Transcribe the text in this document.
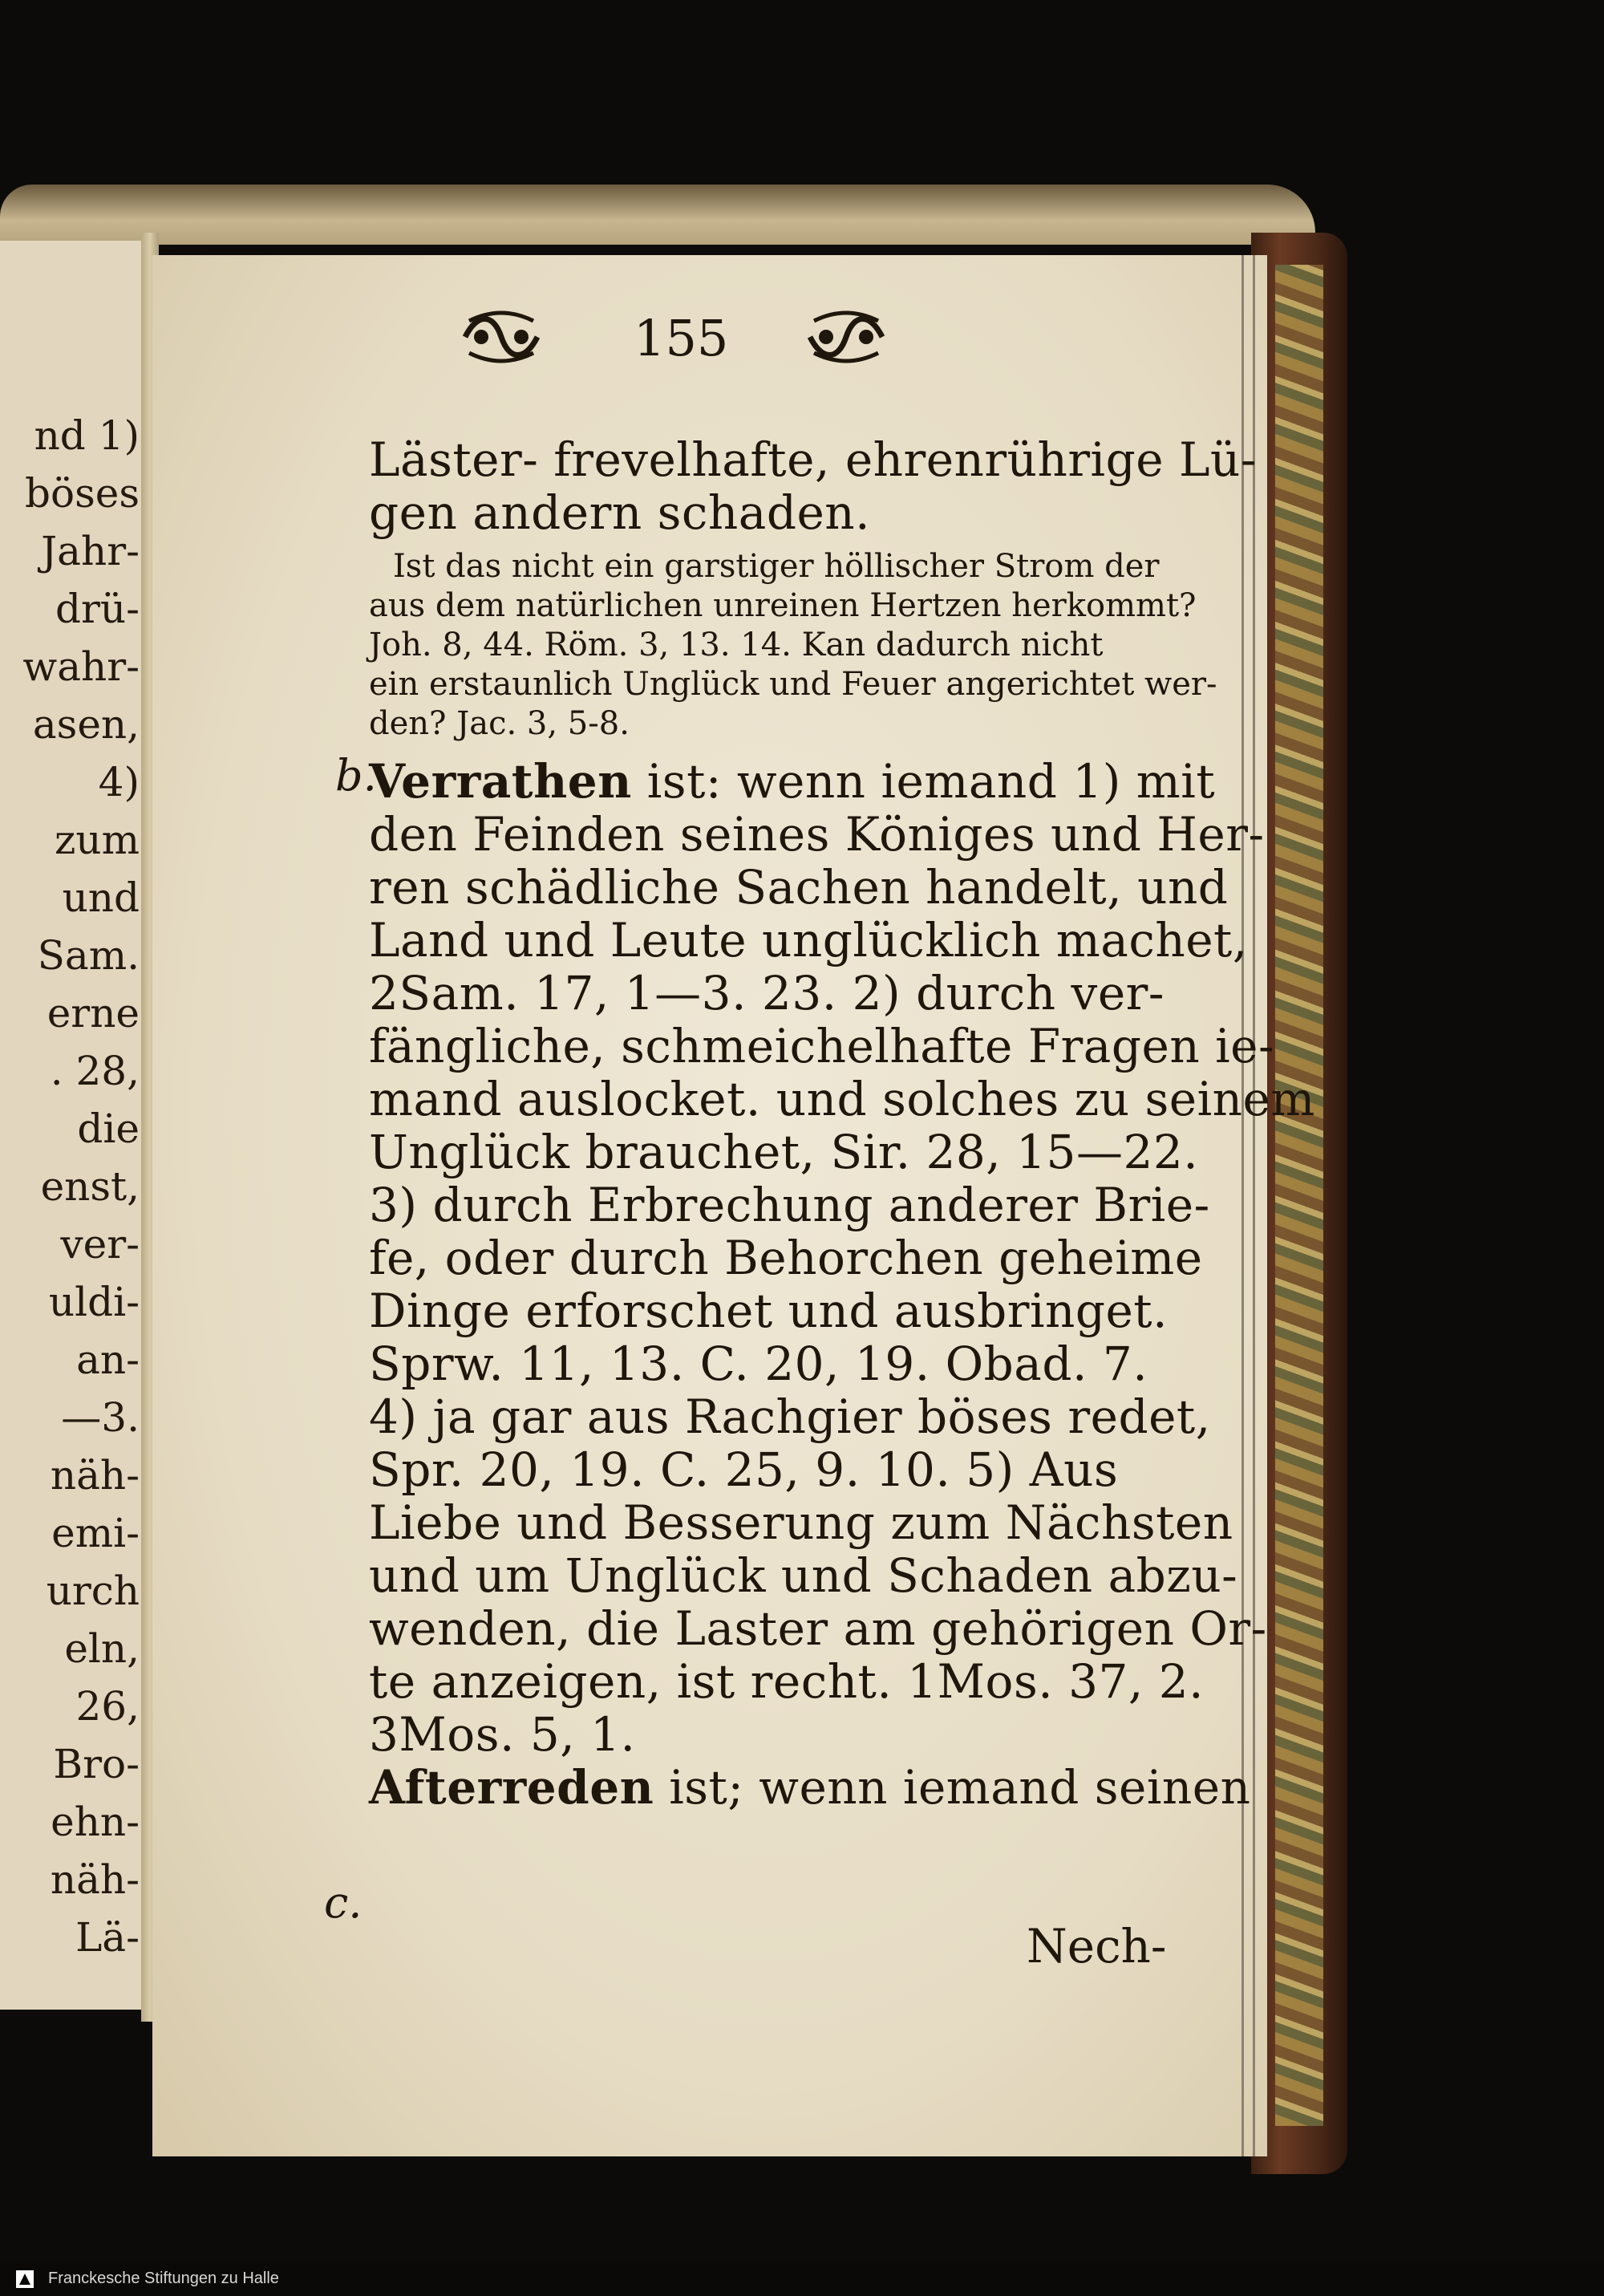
nd 1)
böses
Jahr-
drü-
wahr-
asen,
4)
zum
und
Sam.
erne
. 28,
die
enst,
ver-
uldi-
an-
—3.
näh-
emi-
urch
eln,
26,
Bro-
ehn-
näh-
Lä-
155
Läster- frevelhafte, ehrenrührige Lü-
gen andern schaden.
Ist das nicht ein garstiger höllischer Strom der
aus dem natürlichen unreinen Hertzen herkommt?
Joh. 8, 44. Röm. 3, 13. 14. Kan dadurch nicht
ein erstaunlich Unglück und Feuer angerichtet wer-
den? Jac. 3, 5-8.
Verrathen ist: wenn iemand 1) mit
den Feinden seines Königes und Her-
ren schädliche Sachen handelt, und
Land und Leute unglücklich machet,
2Sam. 17, 1—3. 23. 2) durch ver-
fängliche, schmeichelhafte Fragen ie-
mand auslocket. und solches zu seinem
Unglück brauchet, Sir. 28, 15—22.
3) durch Erbrechung anderer Brie-
fe, oder durch Behorchen geheime
Dinge erforschet und ausbringet.
Sprw. 11, 13. C. 20, 19. Obad. 7.
4) ja gar aus Rachgier böses redet,
Spr. 20, 19. C. 25, 9. 10. 5) Aus
Liebe und Besserung zum Nächsten
und um Unglück und Schaden abzu-
wenden, die Laster am gehörigen Or-
te anzeigen, ist recht. 1Mos. 37, 2.
3Mos. 5, 1.
Afterreden ist; wenn iemand seinen
b.
c.
Nech-
Franckesche Stiftungen zu Halle
